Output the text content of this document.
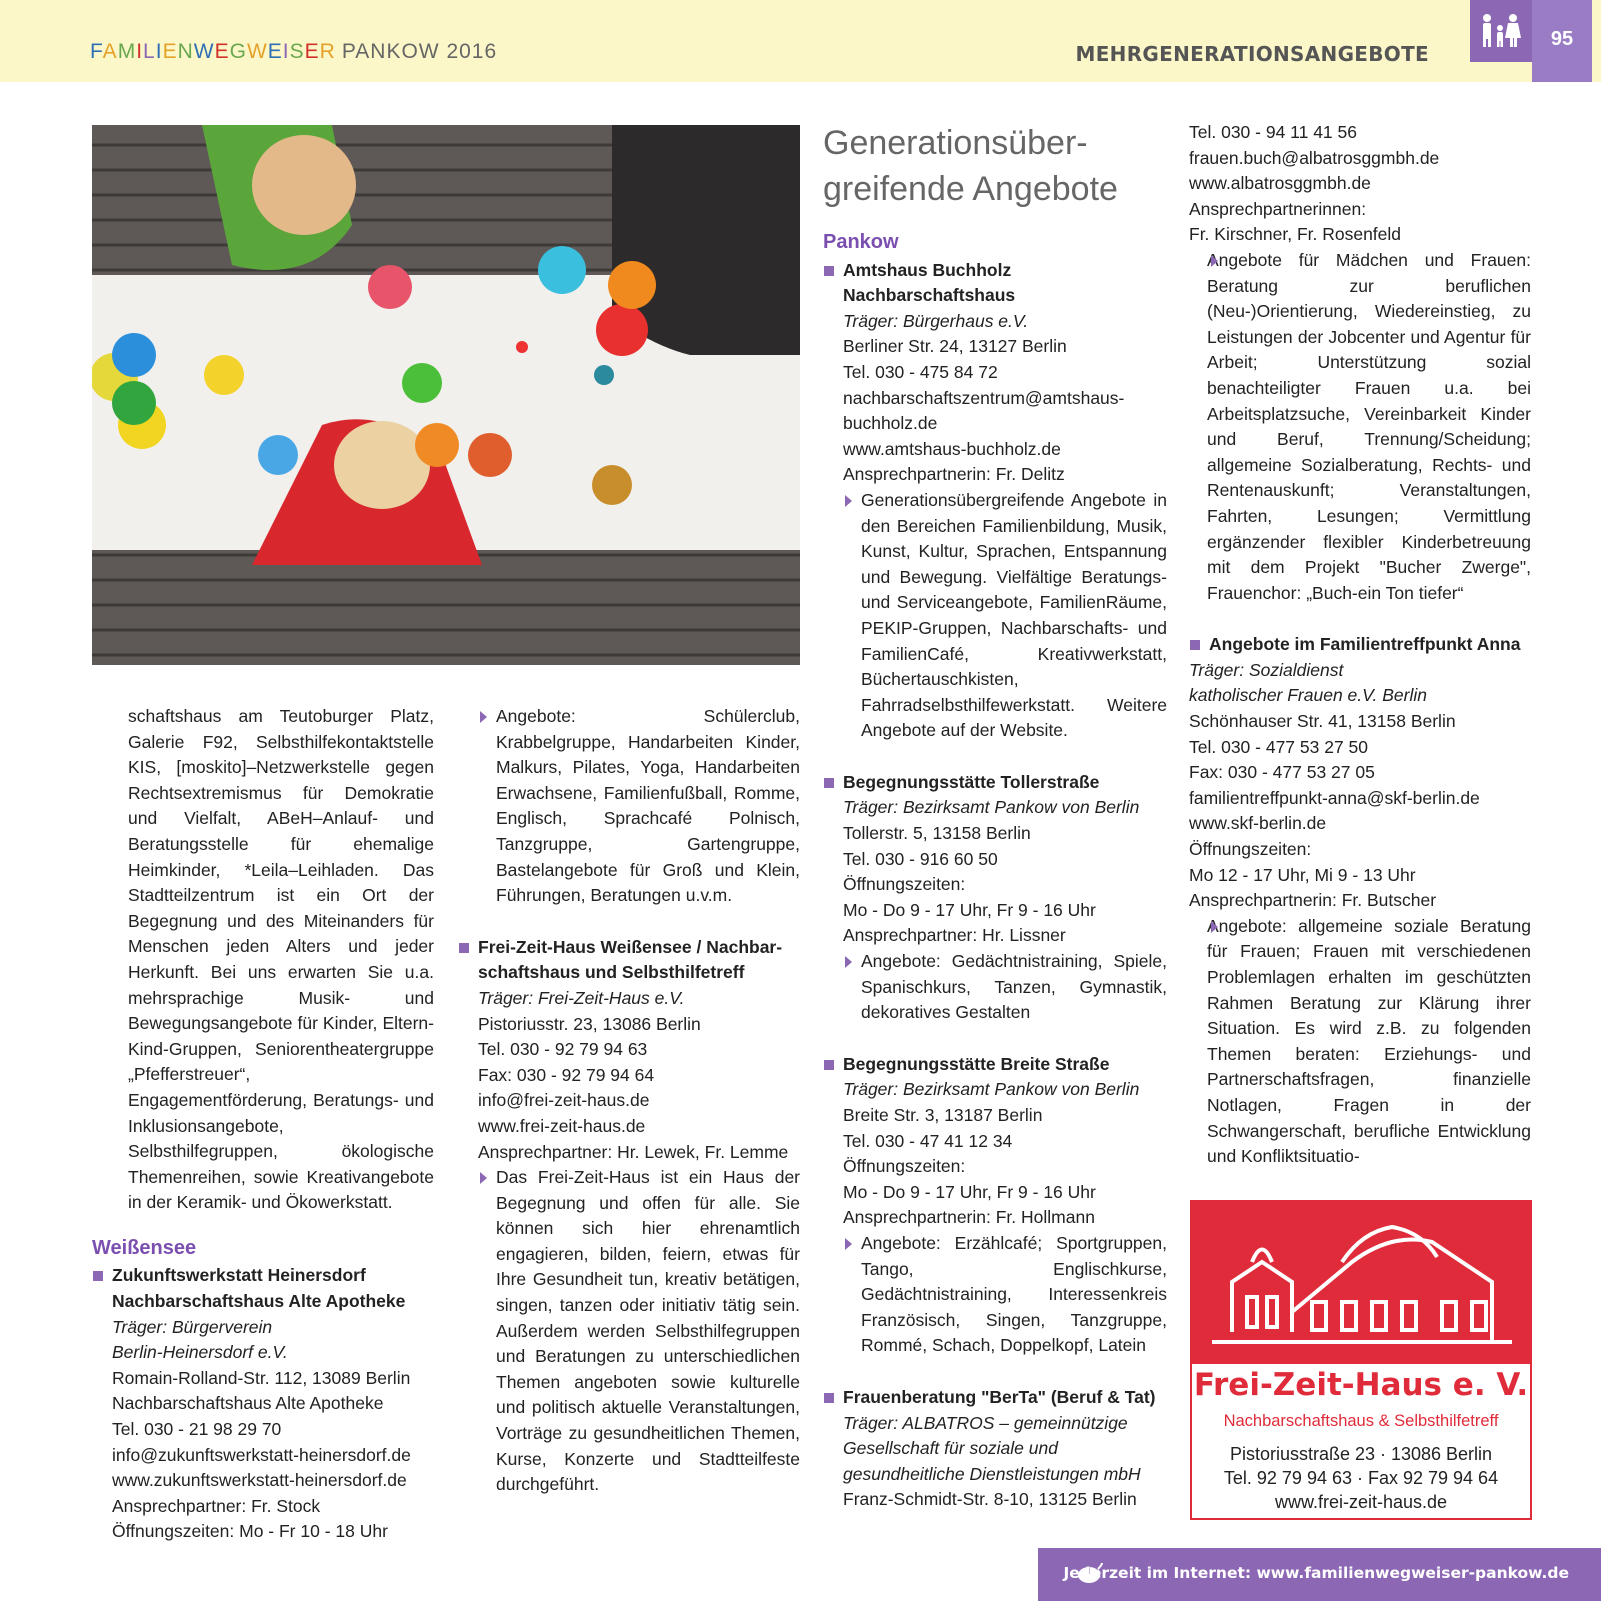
FAMILIENWEGWEISER PANKOW 2016	MEHRGENERATIONSANGEBOTE
95

schaftshaus am Teutoburger Platz, Galerie F92, Selbsthilfekontaktstelle KIS, [moskito]–Netzwerkstelle gegen Rechtsextremismus für Demokratie und Vielfalt, ABeH–Anlauf- und Beratungsstelle für ehemalige Heimkinder, *Leila–Leihladen. Das Stadtteilzentrum ist ein Ort der Begegnung und des Miteinanders für Menschen jeden Alters und jeder Herkunft. Bei uns erwarten Sie u.a. mehrsprachige Musik- und Bewegungsangebote für Kinder, Eltern-Kind-Gruppen, Seniorentheatergruppe „Pfefferstreuer“, Engagementförderung, Beratungs- und Inklusionsangebote, Selbsthilfegruppen, ökologische Themenreihen, sowie Kreativangebote in der Keramik- und Ökowerkstatt.

Weißensee
Zukunftswerkstatt Heinersdorf
Nachbarschaftshaus Alte Apotheke
Träger: Bürgerverein
Berlin-Heinersdorf e.V.
Romain-Rolland-Str. 112, 13089 Berlin
Nachbarschaftshaus Alte Apotheke
Tel. 030 - 21 98 29 70
info@zukunftswerkstatt-heinersdorf.de
www.zukunftswerkstatt-heinersdorf.de
Ansprechpartner: Fr. Stock
Öffnungszeiten: Mo - Fr 10 - 18 Uhr

Angebote: Schülerclub, Krabbelgruppe, Handarbeiten Kinder, Malkurs, Pilates, Yoga, Handarbeiten Erwachsene, Familienfußball, Romme, Englisch, Sprachcafé Polnisch, Tanzgruppe, Gartengruppe, Bastelangebote für Groß und Klein, Führungen, Beratungen u.v.m.

Frei-Zeit-Haus Weißensee / Nachbar-
schaftshaus und Selbsthilfetreff
Träger: Frei-Zeit-Haus e.V.
Pistoriusstr. 23, 13086 Berlin
Tel. 030 - 92 79 94 63
Fax: 030 - 92 79 94 64
info@frei-zeit-haus.de
www.frei-zeit-haus.de
Ansprechpartner: Hr. Lewek, Fr. Lemme

Das Frei-Zeit-Haus ist ein Haus der Begegnung und offen für alle. Sie können sich hier ehrenamtlich engagieren, bilden, feiern, etwas für Ihre Gesundheit tun, kreativ betätigen, singen, tanzen oder initiativ tätig sein. Außerdem werden Selbsthilfegruppen und Beratungen zu unterschiedlichen Themen angeboten sowie kulturelle und politisch aktuelle Veranstaltungen, Vorträge zu gesundheitlichen Themen, Kurse, Konzerte und Stadtteilfeste durchgeführt.

Generationsüber-
greifende Angebote
Pankow
Amtshaus Buchholz
Nachbarschaftshaus
Träger: Bürgerhaus e.V.
Berliner Str. 24, 13127 Berlin
Tel. 030 - 475 84 72
nachbarschaftszentrum@amtshaus-
buchholz.de
www.amtshaus-buchholz.de
Ansprechpartnerin: Fr. Delitz

Generationsübergreifende Angebote in den Bereichen Familienbildung, Musik, Kunst, Kultur, Sprachen, Entspannung und Bewegung. Vielfältige Beratungs- und Serviceangebote, FamilienRäume, PEKIP-Gruppen, Nachbarschafts- und FamilienCafé, Kreativwerkstatt, Büchertauschkisten, Fahrradselbsthilfewerkstatt. Weitere Angebote auf der Website.

Begegnungsstätte Tollerstraße
Träger: Bezirksamt Pankow von Berlin
Tollerstr. 5, 13158 Berlin
Tel. 030 - 916 60 50
Öffnungszeiten:
Mo - Do 9 - 17 Uhr, Fr 9 - 16 Uhr
Ansprechpartner: Hr. Lissner

Angebote: Gedächtnistraining, Spiele, Spanischkurs, Tanzen, Gymnastik, dekoratives Gestalten

Begegnungsstätte Breite Straße
Träger: Bezirksamt Pankow von Berlin
Breite Str. 3, 13187 Berlin
Tel. 030 - 47 41 12 34
Öffnungszeiten:
Mo - Do 9 - 17 Uhr, Fr 9 - 16 Uhr
Ansprechpartnerin: Fr. Hollmann

Angebote: Erzählcafé; Sportgruppen, Tango, Englischkurse, Gedächtnistraining, Interessenkreis Französisch, Singen, Tanzgruppe, Rommé, Schach, Doppelkopf, Latein

Frauenberatung "BerTa" (Beruf & Tat)
Träger: ALBATROS – gemeinnützige Gesellschaft für soziale und gesundheitliche Dienstleistungen mbH
Franz-Schmidt-Str. 8-10, 13125 Berlin
Tel. 030 - 94 11 41 56
frauen.buch@albatrosggmbh.de
www.albatrosggmbh.de
Ansprechpartnerinnen:
Fr. Kirschner, Fr. Rosenfeld

Angebote für Mädchen und Frauen: Beratung zur beruflichen (Neu-)Orientierung, Wiedereinstieg, zu Leistungen der Jobcenter und Agentur für Arbeit; Unterstützung sozial benachteiligter Frauen u.a. bei Arbeitsplatzsuche, Vereinbarkeit Kinder und Beruf, Trennung/Scheidung; allgemeine Sozialberatung, Rechts- und Rentenauskunft; Veranstaltungen, Fahrten, Lesungen; Vermittlung ergänzender flexibler Kinderbetreuung mit dem Projekt "Bucher Zwerge", Frauenchor: „Buch-ein Ton tiefer“

Angebote im Familientreffpunkt Anna
Träger: Sozialdienst
katholischer Frauen e.V. Berlin
Schönhauser Str. 41, 13158 Berlin
Tel. 030 - 477 53 27 50
Fax: 030 - 477 53 27 05
familientreffpunkt-anna@skf-berlin.de
www.skf-berlin.de
Öffnungszeiten:
Mo 12 - 17 Uhr, Mi 9 - 13 Uhr
Ansprechpartnerin: Fr. Butscher

Angebote: allgemeine soziale Beratung für Frauen; Frauen mit verschiedenen Problemlagen erhalten im geschützten Rahmen Beratung zur Klärung ihrer Situation. Es wird z.B. zu folgenden Themen beraten: Erziehungs- und Partnerschaftsfragen, finanzielle Notlagen, Fragen in der Schwangerschaft, berufliche Entwicklung und Konfliktsituatio-

Frei-Zeit-Haus e. V.
Nachbarschaftshaus & Selbsthilfetreff
Pistoriusstraße 23 · 13086 Berlin
Tel. 92 79 94 63 · Fax 92 79 94 64
www.frei-zeit-haus.de
Jederzeit im Internet: www.familienwegweiser-pankow.de
